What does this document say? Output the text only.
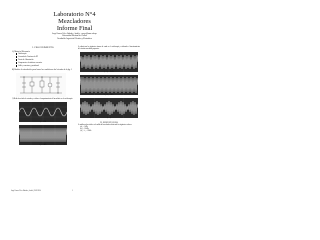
Laboratorio N°4
Mezcladores
Informe Final
Jorge Franco Velez Ordoñez, Andrés · correo@unac.edu.pe
Universidad Nacional del Callao
Facultad de Ingeniería Eléctrica y Electrónica
I. PROCEDIMIENTO
A) Material Necesario
Osciloscopio
Generador de Funciones de RF
Fuente de Alimentación
Componentes electrónicos necesarios
Cables, conectores y protoboard
B) Realice la simulación para hacer las mediciones del circuito de la fig. 1
1) Medir las señales de entrada y verificar el comportamiento del mezclador en el osciloscopio.
f₁ = 1kHz
f₂ = 10kHz
Se obtuvieron las siguientes formas de onda en el osciloscopio, verificando el funcionamiento del circuito mezclador propuesto.
f₁ + f₂ = 11kHz
f₂ − f₁ = 9kHz
f₁ × f₂
II. RESULTADOS
Se midieron las señales en la salida del mezclador obteniendo los siguientes valores:
a) f₁ = 1kHz
b) f₂ = 10kHz
c) f₂ + f₁ = 11kHz
Jorge Franco Velez Ordoñez, Andrés, 05/05/2024	1
